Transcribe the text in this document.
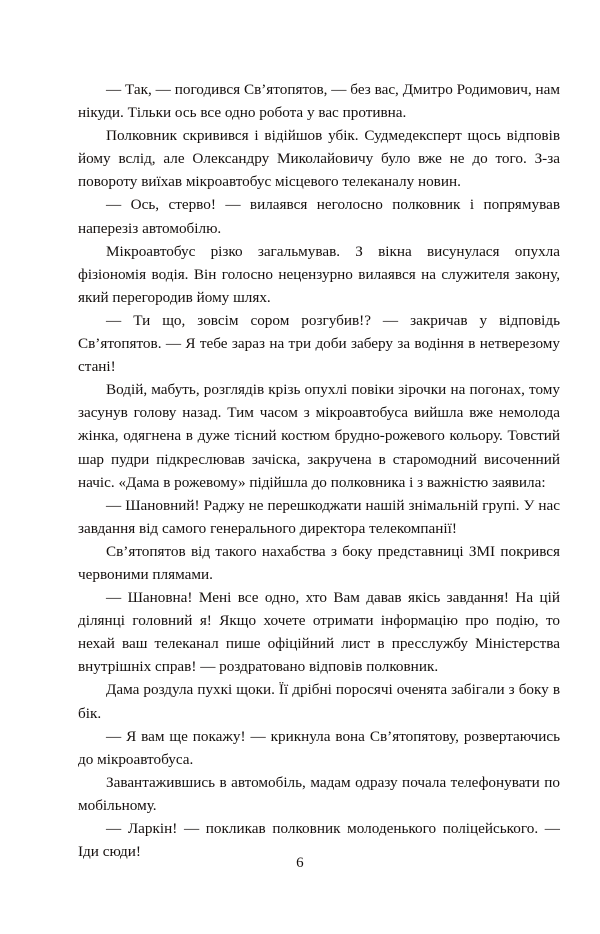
— Так, — погодився Св’ятопятов, — без вас, Дмитро Родимович, нам нікуди. Тільки ось все одно робота у вас противна.

Полковник скривився і відійшов убік. Судмедексперт щось відповів йому вслід, але Олександру Миколайовичу було вже не до того. З-за повороту виїхав мікроавтобус місцевого телеканалу новин.

— Ось, стерво! — вилаявся неголосно полковник і попрямував наперезіз автомобілю.

Мікроавтобус різко загальмував. З вікна висунулася опухла фізіономія водія. Він голосно нецензурно вилаявся на служителя закону, який перегородив йому шлях.

— Ти що, зовсім сором розгубив!? — закричав у відповідь Св’ятопятов. — Я тебе зараз на три доби заберу за водіння в нетверезому стані!

Водій, мабуть, розглядів крізь опухлі повіки зірочки на погонах, тому засунув голову назад. Тим часом з мікроавтобуса вийшла вже немолода жінка, одягнена в дуже тісний костюм брудно-рожевого кольору. Товстий шар пудри підкреслював зачіска, закручена в старомодний височенний начіс. «Дама в рожевому» підійшла до полковника і з важністю заявила:

— Шановний! Раджу не перешкоджати нашій знімальній групі. У нас завдання від самого генерального директора телекомпанії!

Св’ятопятов від такого нахабства з боку представниці ЗМІ покрився червоними плямами.

— Шановна! Мені все одно, хто Вам давав якісь завдання! На цій ділянці головний я! Якщо хочете отримати інформацію про подію, то нехай ваш телеканал пише офіційний лист в пресслужбу Міністерства внутрішніх справ! — роздратовано відповів полковник.

Дама роздула пухкі щоки. Її дрібні поросячі оченята забігали з боку в бік.

— Я вам ще покажу! — крикнула вона Св’ятопятову, розвертаючись до мікроавтобуса.

Завантажившись в автомобіль, мадам одразу почала телефонувати по мобільному.

— Ларкін! — покликав полковник молоденького поліцейського. — Іди сюди!

6
